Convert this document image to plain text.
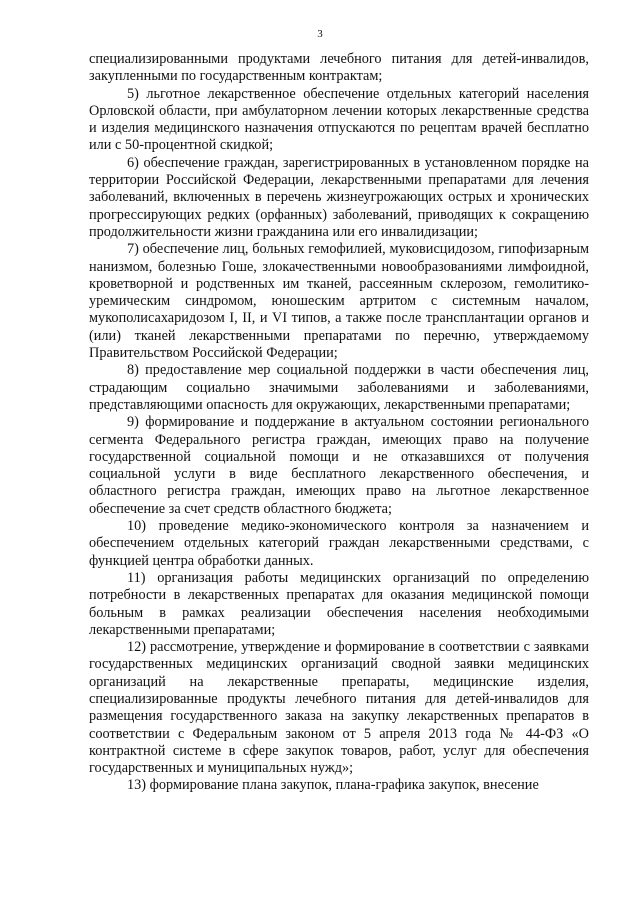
3

специализированными продуктами лечебного питания для детей-инвалидов, закупленными по государственным контрактам;

5) льготное лекарственное обеспечение отдельных категорий населения Орловской области, при амбулаторном лечении которых лекарственные средства и изделия медицинского назначения отпускаются по рецептам врачей бесплатно или с 50-процентной скидкой;

6) обеспечение граждан, зарегистрированных в установленном порядке на территории Российской Федерации, лекарственными препаратами для лечения заболеваний, включенных в перечень жизнеугрожающих острых и хронических прогрессирующих редких (орфанных) заболеваний, приводящих к сокращению продолжительности жизни гражданина или его инвалидизации;

7) обеспечение лиц, больных гемофилией, муковисцидозом, гипофизарным нанизмом, болезнью Гоше, злокачественными новообразованиями лимфоидной, кроветворной и родственных им тканей, рассеянным склерозом, гемолитико-уремическим синдромом, юношеским артритом с системным началом, мукополисахаридозом I, II, и VI типов, а также после трансплантации органов и (или) тканей лекарственными препаратами по перечню, утверждаемому Правительством Российской Федерации;

8) предоставление мер социальной поддержки в части обеспечения лиц, страдающим социально значимыми заболеваниями и заболеваниями, представляющими опасность для окружающих, лекарственными препаратами;

9) формирование и поддержание в актуальном состоянии регионального сегмента Федерального регистра граждан, имеющих право на получение государственной социальной помощи и не отказавшихся от получения социальной услуги в виде бесплатного лекарственного обеспечения, и областного регистра граждан, имеющих право на льготное лекарственное обеспечение за счет средств областного бюджета;

10) проведение медико-экономического контроля за назначением и обеспечением отдельных категорий граждан лекарственными средствами, с функцией центра обработки данных.

11) организация работы медицинских организаций по определению потребности в лекарственных препаратах для оказания медицинской помощи больным в рамках реализации обеспечения населения необходимыми лекарственными препаратами;

12) рассмотрение, утверждение и формирование в соответствии с заявками государственных медицинских организаций сводной заявки медицинских организаций на лекарственные препараты, медицинские изделия, специализированные продукты лечебного питания для детей-инвалидов для размещения государственного заказа на закупку лекарственных препаратов в соответствии с Федеральным законом от 5 апреля 2013 года № 44-ФЗ «О контрактной системе в сфере закупок товаров, работ, услуг для обеспечения государственных и муниципальных нужд»;

13) формирование плана закупок, плана-графика закупок, внесение
